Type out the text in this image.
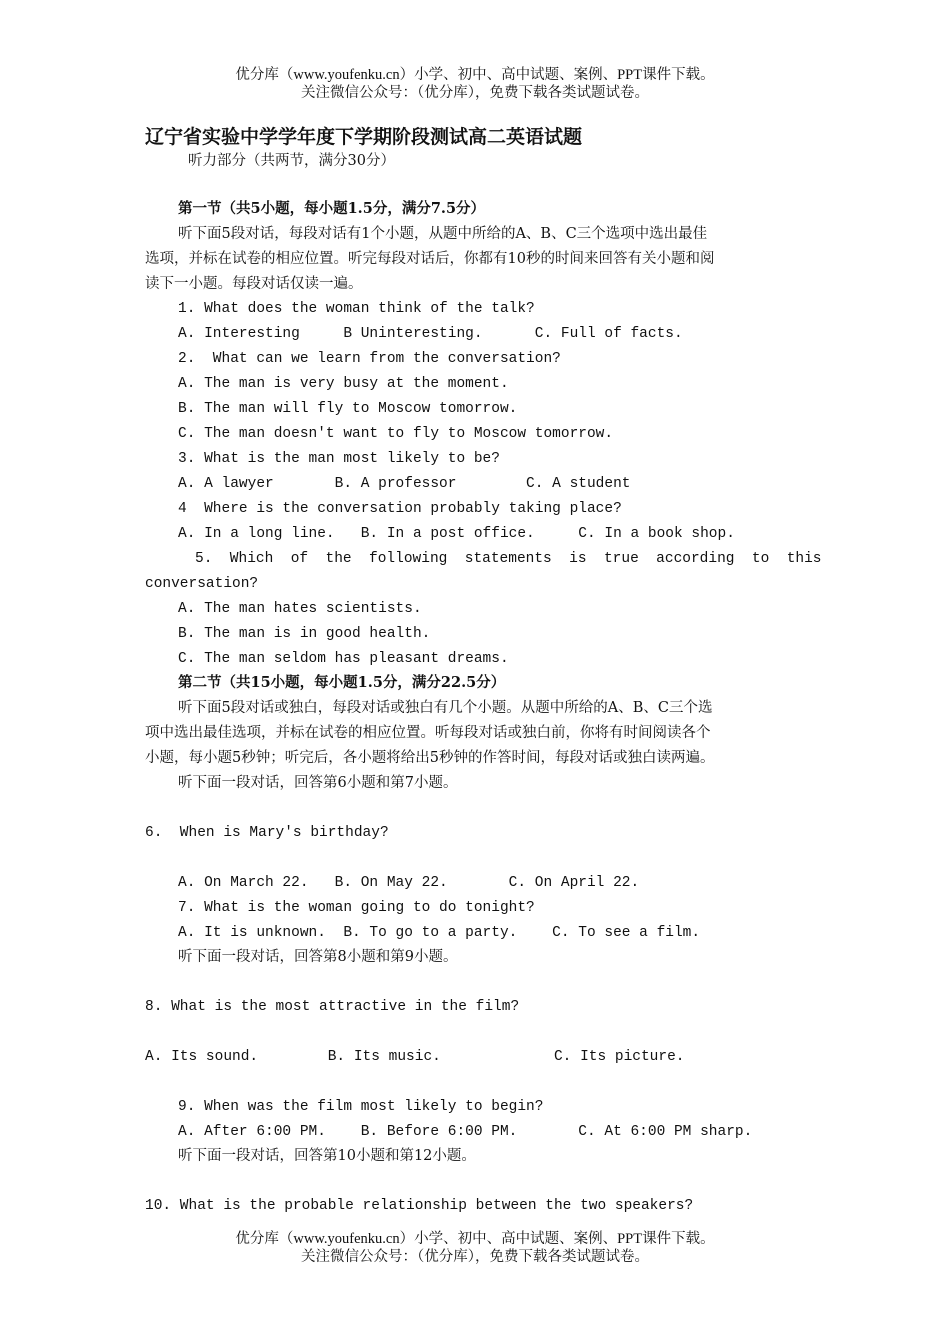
优分库（www.youfenku.cn）小学、初中、高中试题、案例、PPT课件下载。
关注微信公众号：（优分库），免费下载各类试题试卷。
辽宁省实验中学学年度下学期阶段测试高二英语试题
听力部分（共两节，满分30分）
第一节（共5小题，每小题1.5分，满分7.5分）
听下面5段对话，每段对话有1个小题，从题中所给的A、B、C三个选项中选出最佳
选项，并标在试卷的相应位置。听完每段对话后，你都有10秒的时间来回答有关小题和阅
读下一小题。每段对话仅读一遍。
1. What does the woman think of the talk?
A. Interesting     B Uninteresting.      C. Full of facts.
2.  What can we learn from the conversation?
A. The man is very busy at the moment.
B. The man will fly to Moscow tomorrow.
C. The man doesn't want to fly to Moscow tomorrow.
3. What is the man most likely to be?
A. A lawyer       B. A professor        C. A student
4  Where is the conversation probably taking place?
A. In a long line.   B. In a post office.     C. In a book shop.
5.  Which  of  the  following  statements  is  true  according  to  this
conversation?
A. The man hates scientists.
B. The man is in good health.
C. The man seldom has pleasant dreams.
第二节（共15小题，每小题1.5分，满分22.5分）
听下面5段对话或独白，每段对话或独白有几个小题。从题中所给的A、B、C三个选
项中选出最佳选项，并标在试卷的相应位置。听每段对话或独白前，你将有时间阅读各个
小题，每小题5秒钟；听完后，各小题将给出5秒钟的作答时间，每段对话或独白读两遍。
听下面一段对话，回答第6小题和第7小题。
6.  When is Mary's birthday?
A. On March 22.   B. On May 22.       C. On April 22.
7. What is the woman going to do tonight?
A. It is unknown.  B. To go to a party.    C. To see a film.
听下面一段对话，回答第8小题和第9小题。
8. What is the most attractive in the film?
A. Its sound.        B. Its music.             C. Its picture.
9. When was the film most likely to begin?
A. After 6:00 PM.    B. Before 6:00 PM.       C. At 6:00 PM sharp.
听下面一段对话，回答第10小题和第12小题。
10. What is the probable relationship between the two speakers?
优分库（www.youfenku.cn）小学、初中、高中试题、案例、PPT课件下载。
关注微信公众号：（优分库），免费下载各类试题试卷。
